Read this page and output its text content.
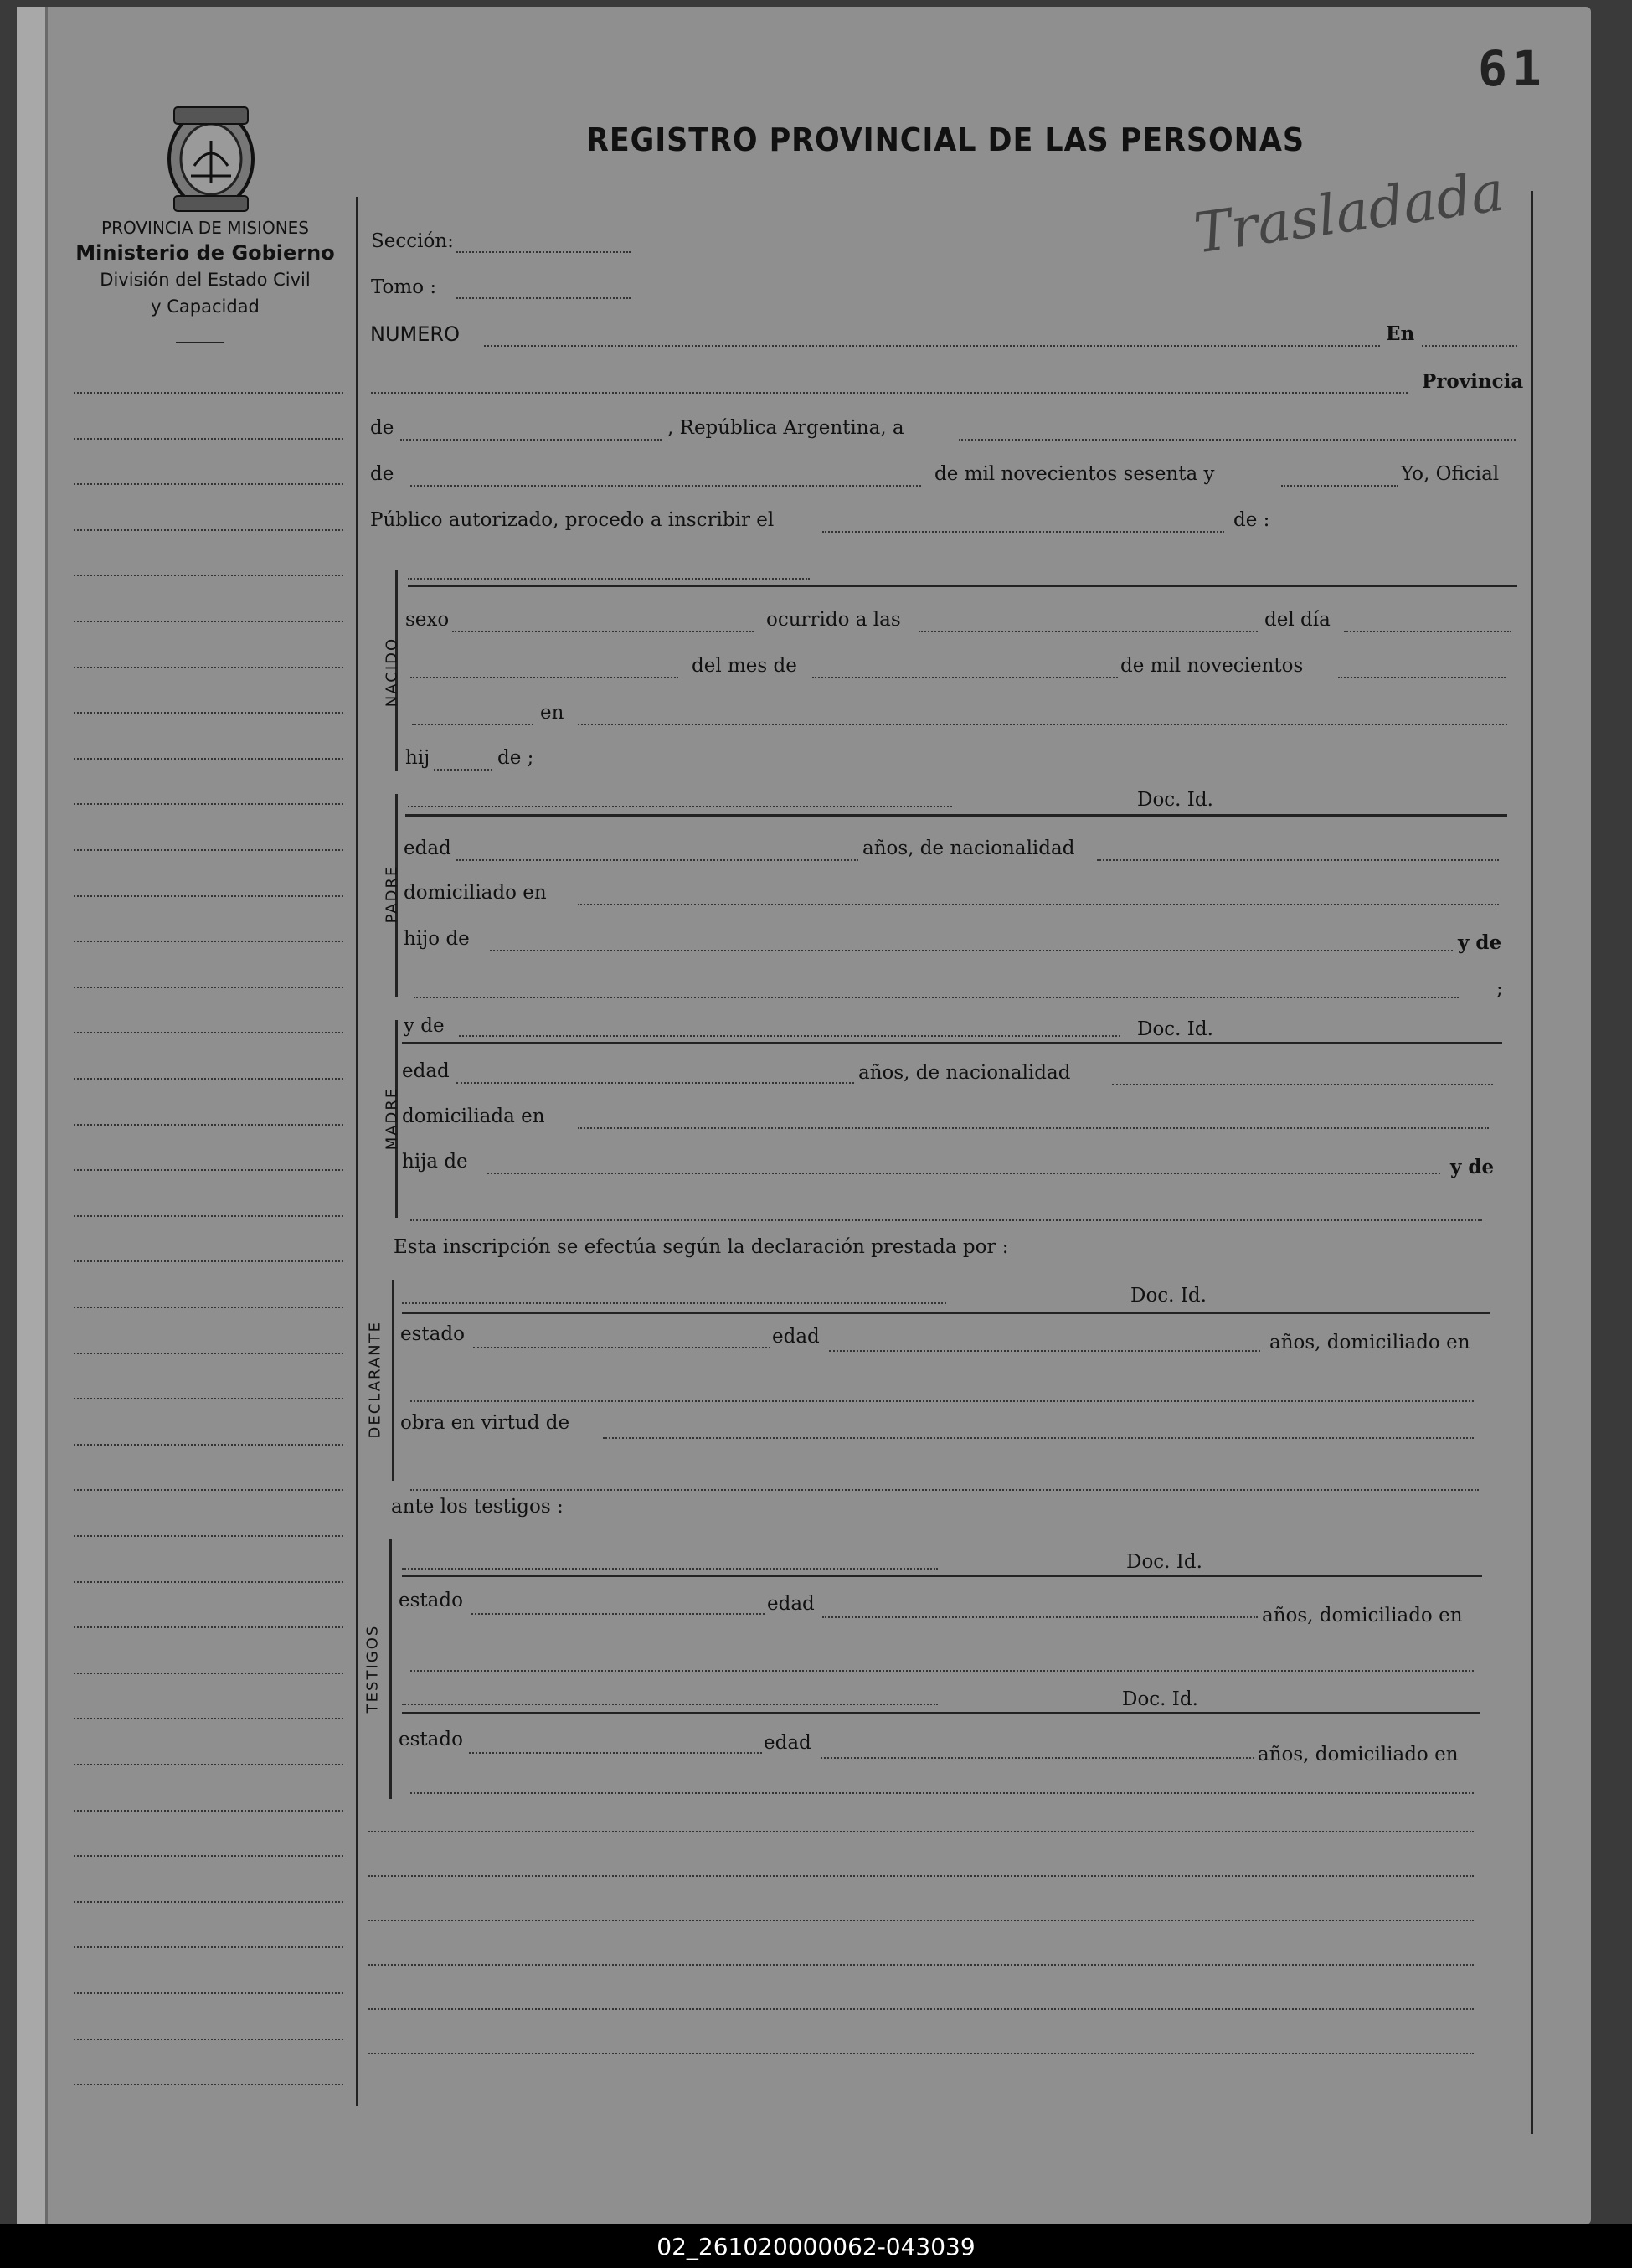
61
PROVINCIA DE MISIONES
Ministerio de Gobierno
División del Estado Civil
y Capacidad
REGISTRO PROVINCIAL DE LAS PERSONAS
Trasladada
Sección:
Tomo :
NUMERO	En
Provincia
de	, República Argentina, a
de	de mil novecientos sesenta y	Yo, Oficial
Público autorizado, procedo a inscribir el	de :
NACIDO
sexo	ocurrido a las	del día
del mes de	de mil novecientos
en
hij	de ;
PADRE
Doc. Id.
edad	años, de nacionalidad
domiciliado en
hijo de	y de
;
MADRE
y de	Doc. Id.
edad	años, de nacionalidad
domiciliada en
hija de	y de
Esta inscripción se efectúa según la declaración prestada por :
DECLARANTE
Doc. Id.
estado	edad	años, domiciliado en
obra en virtud de
ante los testigos :
TESTIGOS
Doc. Id.
estado	edad
años, domiciliado en
Doc. Id.
estado	edad
años, domiciliado en
02_261020000062-043039
